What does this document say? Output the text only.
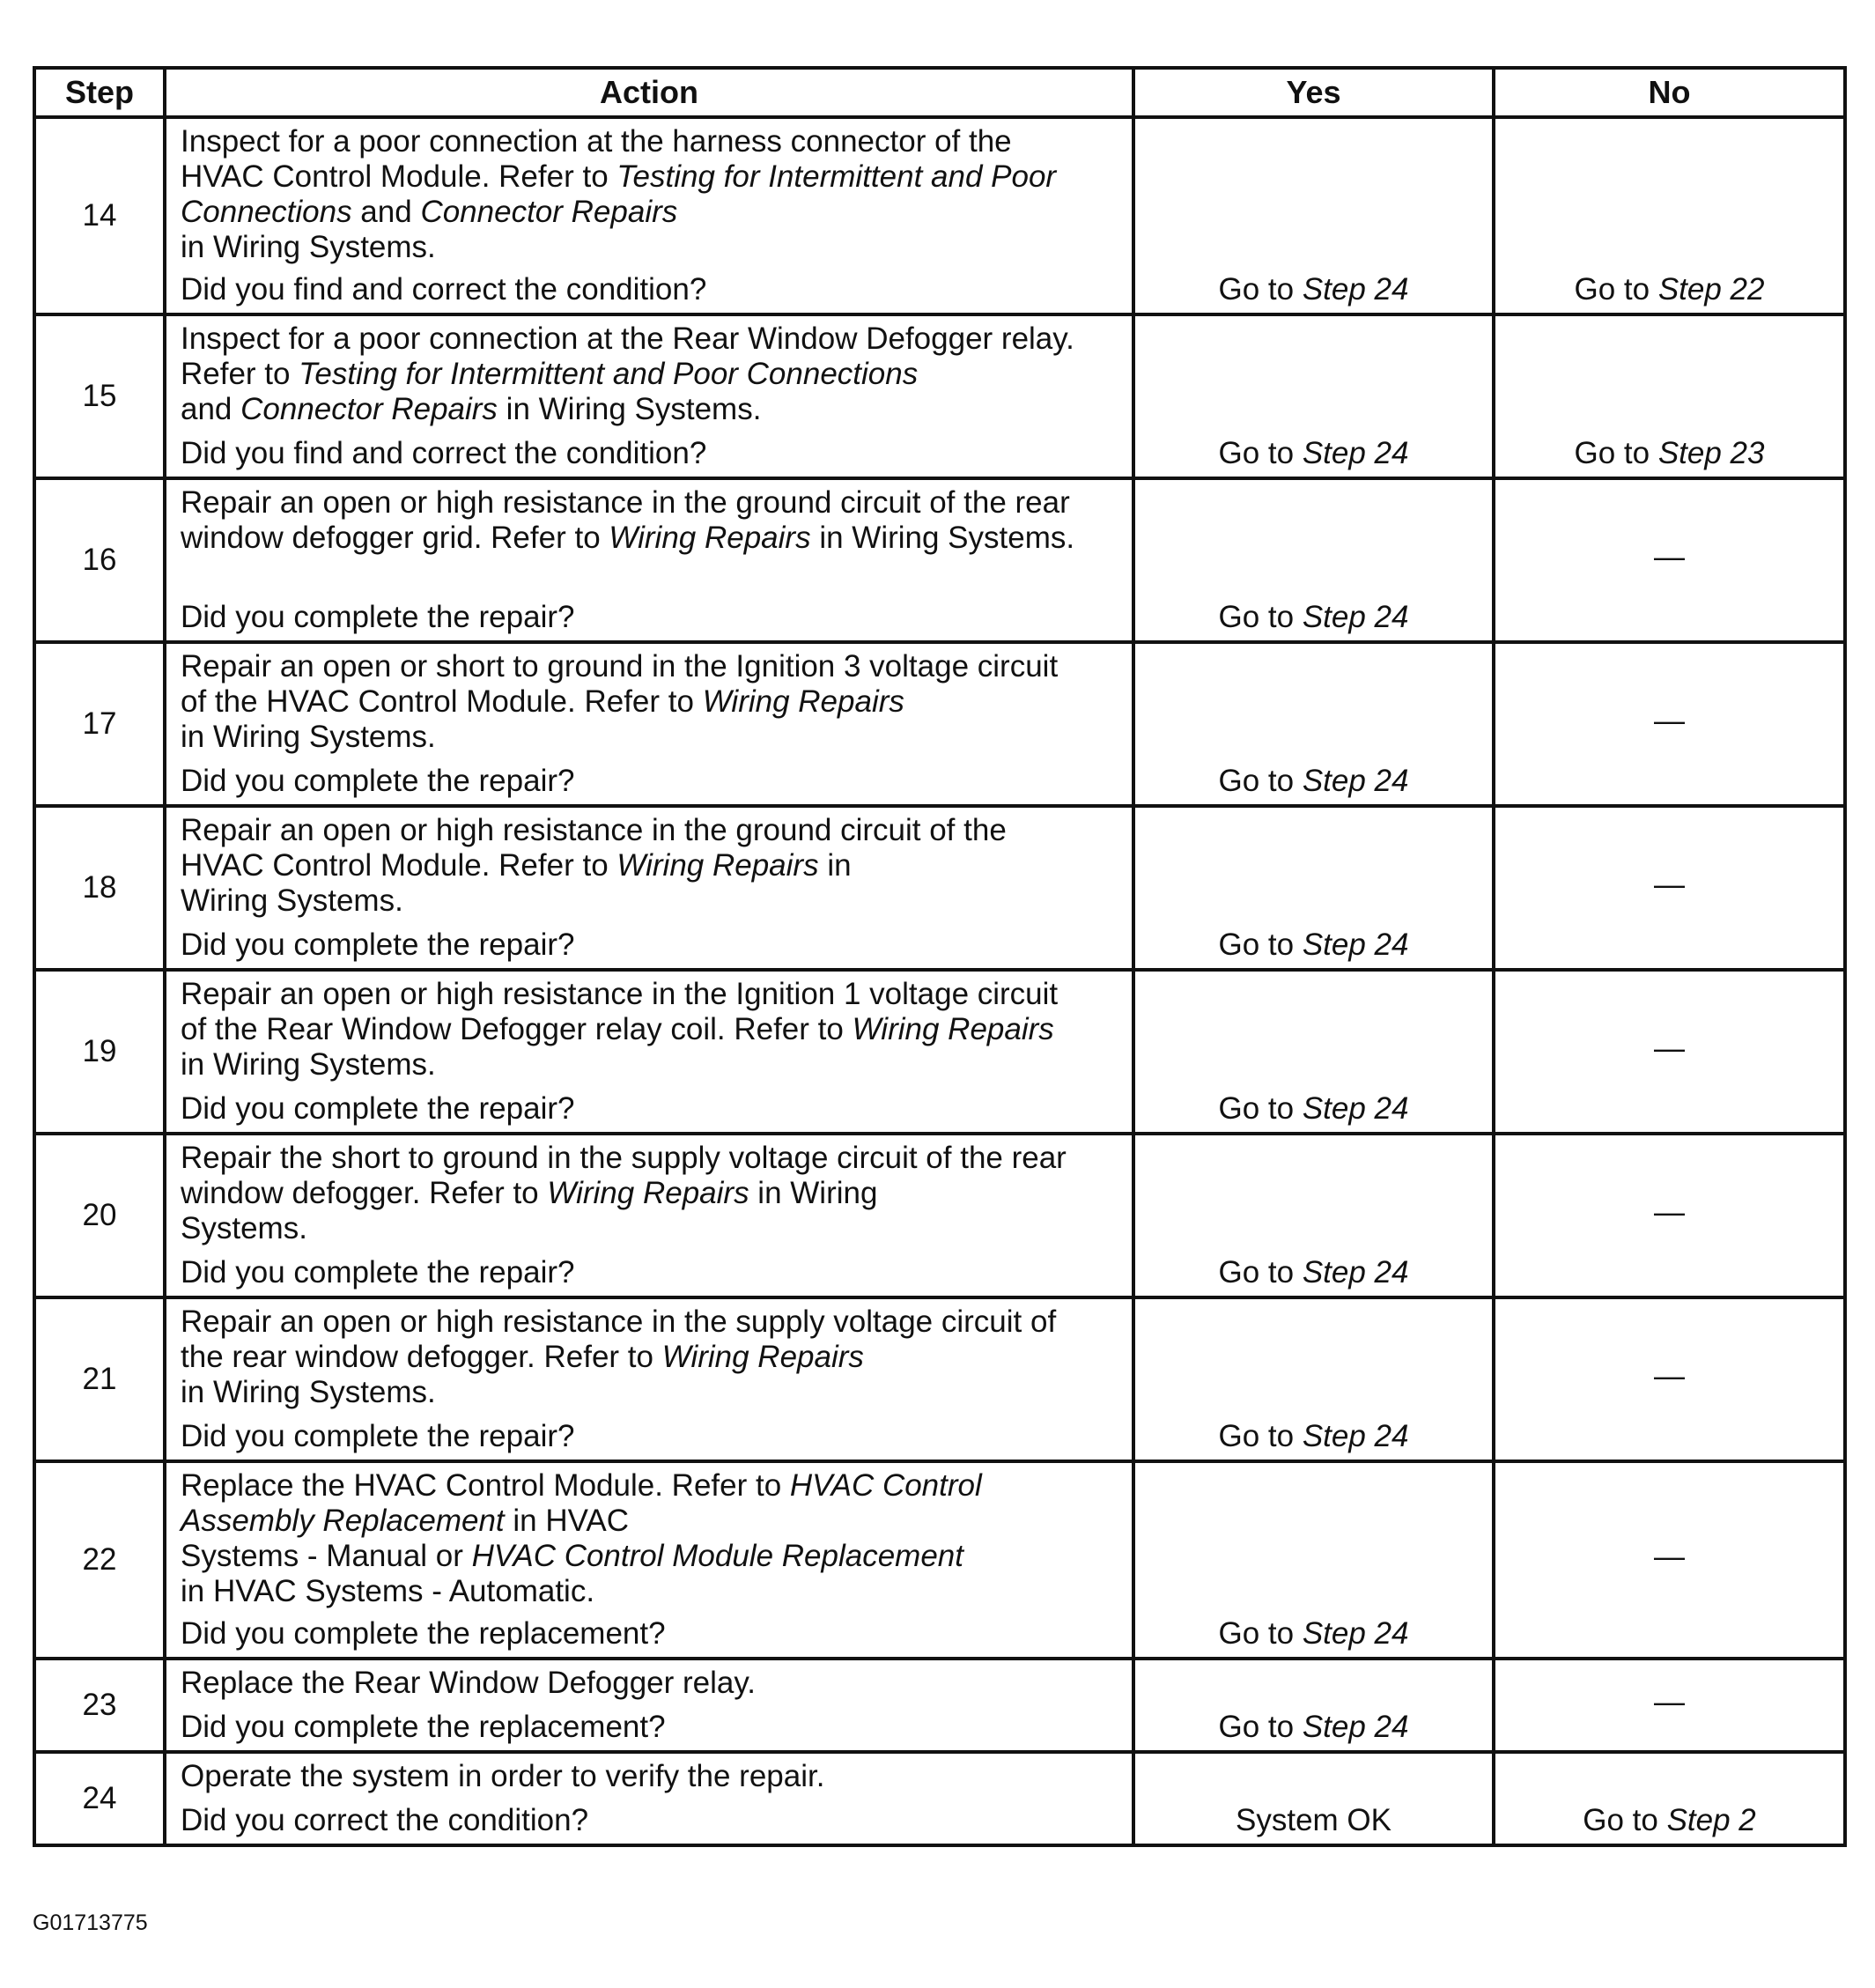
Step	Action	Yes	No
14	Inspect for a poor connection at the harness connector of the
HVAC Control Module. Refer to Testing for Intermittent and Poor
Connections and Connector Repairs
in Wiring Systems.
Did you find and correct the condition?	Go to Step 24	Go to Step 22
15	Inspect for a poor connection at the Rear Window Defogger relay.
Refer to Testing for Intermittent and Poor Connections
and Connector Repairs in Wiring Systems.
Did you find and correct the condition?	Go to Step 24	Go to Step 23
16	Repair an open or high resistance in the ground circuit of the rear
window defogger grid. Refer to Wiring Repairs in Wiring Systems.
Did you complete the repair?	Go to Step 24	—
17	Repair an open or short to ground in the Ignition 3 voltage circuit
of the HVAC Control Module. Refer to Wiring Repairs
in Wiring Systems.
Did you complete the repair?	Go to Step 24	—
18	Repair an open or high resistance in the ground circuit of the
HVAC Control Module. Refer to Wiring Repairs in
Wiring Systems.
Did you complete the repair?	Go to Step 24	—
19	Repair an open or high resistance in the Ignition 1 voltage circuit
of the Rear Window Defogger relay coil. Refer to Wiring Repairs
in Wiring Systems.
Did you complete the repair?	Go to Step 24	—
20	Repair the short to ground in the supply voltage circuit of the rear
window defogger. Refer to Wiring Repairs in Wiring
Systems.
Did you complete the repair?	Go to Step 24	—
21	Repair an open or high resistance in the supply voltage circuit of
the rear window defogger. Refer to Wiring Repairs
in Wiring Systems.
Did you complete the repair?	Go to Step 24	—
22	Replace the HVAC Control Module. Refer to HVAC Control
Assembly Replacement in HVAC
Systems - Manual or HVAC Control Module Replacement
in HVAC Systems - Automatic.
Did you complete the replacement?	Go to Step 24	—
23	Replace the Rear Window Defogger relay.
Did you complete the replacement?	Go to Step 24	—
24	Operate the system in order to verify the repair.
Did you correct the condition?	System OK	Go to Step 2
G01713775
